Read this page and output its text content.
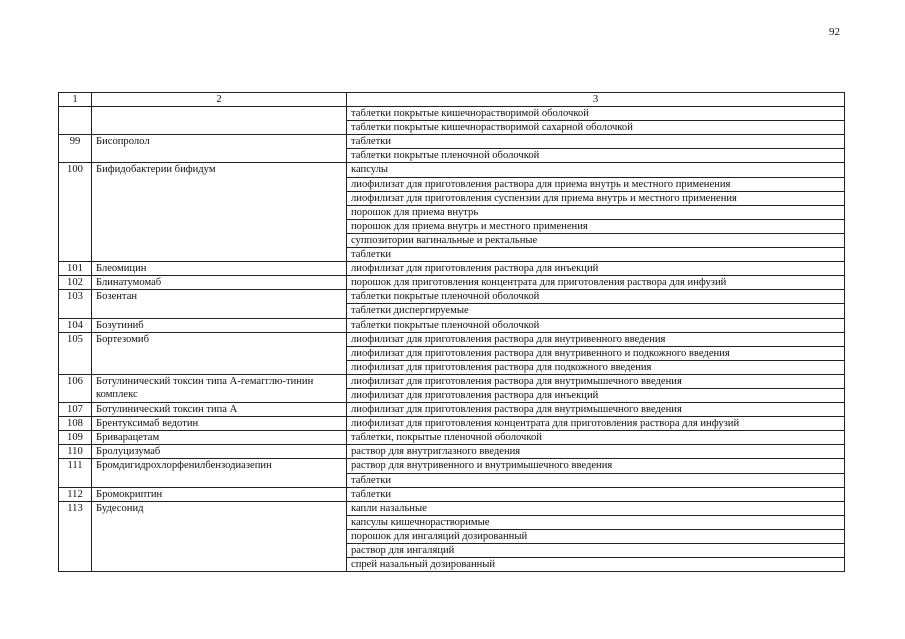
92
1	2	3
		таблетки покрытые кишечнорастворимой оболочкой
		таблетки покрытые кишечнорастворимой сахарной оболочкой
99	Бисопролол	таблетки
		таблетки покрытые пленочной оболочкой
100	Бифидобактерии бифидум	капсулы
		лиофилизат для приготовления раствора для приема внутрь и местного применения
		лиофилизат для приготовления суспензии для приема внутрь и местного применения
		порошок для приема внутрь
		порошок для приема внутрь и местного применения
		суппозитории вагинальные и ректальные
		таблетки
101	Блеомицин	лиофилизат для приготовления раствора для инъекций
102	Блинатумомаб	порошок для приготовления концентрата для приготовления раствора для инфузий
103	Бозентан	таблетки покрытые пленочной оболочкой
		таблетки диспергируемые
104	Бозутиниб	таблетки покрытые пленочной оболочкой
105	Бортезомиб	лиофилизат для приготовления раствора для внутривенного введения
		лиофилизат для приготовления раствора для внутривенного и подкожного введения
		лиофилизат для приготовления раствора для подкожного введения
106	Ботулинический токсин типа А-гемагглю-тинин комплекс	лиофилизат для приготовления раствора для внутримышечного введения
		лиофилизат для приготовления раствора для инъекций
107	Ботулинический токсин типа А	лиофилизат для приготовления раствора для внутримышечного введения
108	Брентуксимаб ведотин	лиофилизат для приготовления концентрата для приготовления раствора для инфузий
109	Бриварацетам	таблетки, покрытые пленочной оболочкой
110	Бролуцизумаб	раствор для внутриглазного введения
111	Бромдигидрохлорфенилбензодиазепин	раствор для внутривенного и внутримышечного введения
		таблетки
112	Бромокриптин	таблетки
113	Будесонид	капли назальные
		капсулы кишечнорастворимые
		порошок для ингаляций дозированный
		раствор для ингаляций
		спрей назальный дозированный
